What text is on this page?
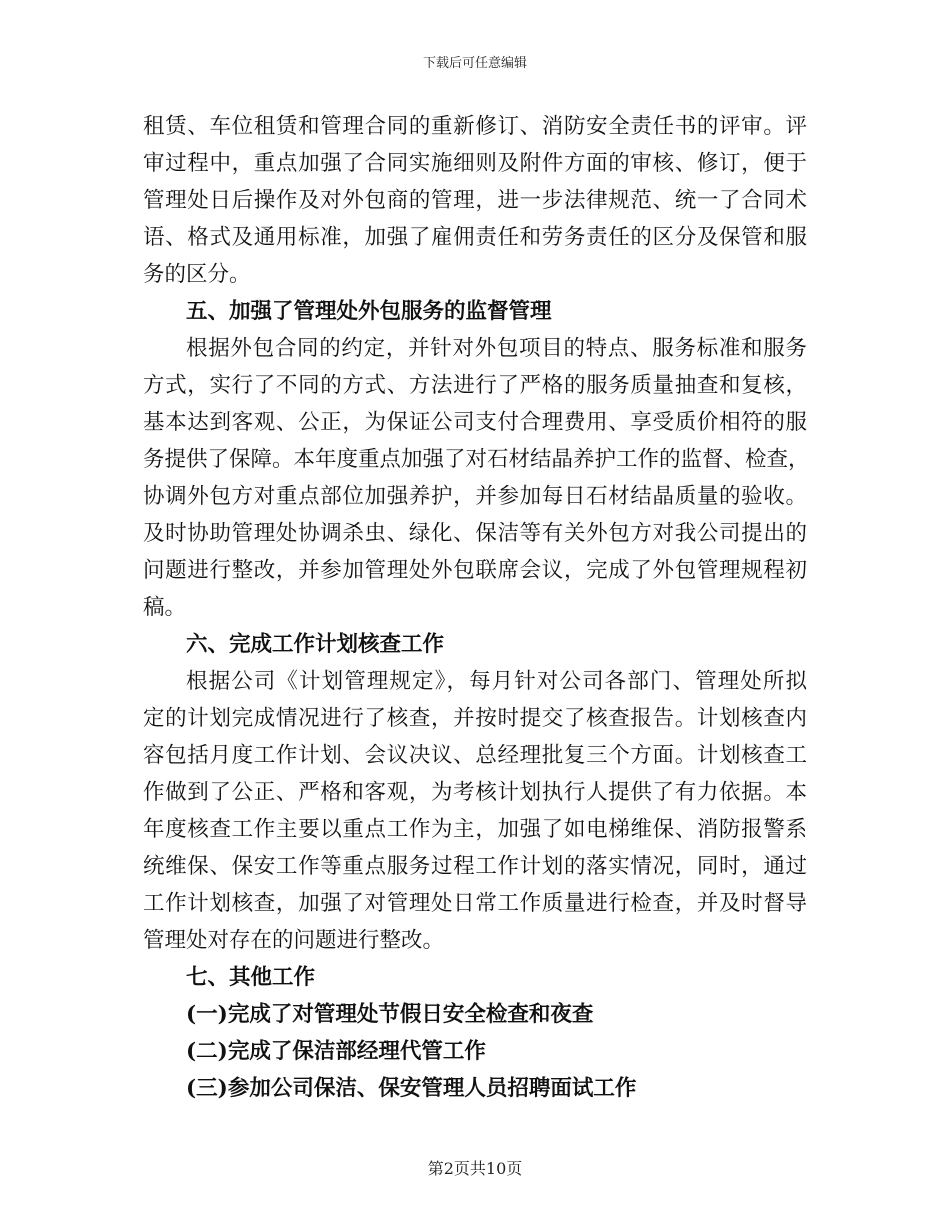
下载后可任意编辑
租赁、车位租赁和管理合同的重新修订、消防安全责任书的评审。评
审过程中，重点加强了合同实施细则及附件方面的审核、修订，便于
管理处日后操作及对外包商的管理，进一步法律规范、统一了合同术
语、格式及通用标准，加强了雇佣责任和劳务责任的区分及保管和服
务的区分。
五、加强了管理处外包服务的监督管理
根据外包合同的约定，并针对外包项目的特点、服务标准和服务
方式，实行了不同的方式、方法进行了严格的服务质量抽查和复核，
基本达到客观、公正，为保证公司支付合理费用、享受质价相符的服
务提供了保障。本年度重点加强了对石材结晶养护工作的监督、检查，
协调外包方对重点部位加强养护，并参加每日石材结晶质量的验收。
及时协助管理处协调杀虫、绿化、保洁等有关外包方对我公司提出的
问题进行整改，并参加管理处外包联席会议，完成了外包管理规程初
稿。
六、完成工作计划核查工作
根据公司《计划管理规定》，每月针对公司各部门、管理处所拟
定的计划完成情况进行了核查，并按时提交了核查报告。计划核查内
容包括月度工作计划、会议决议、总经理批复三个方面。计划核查工
作做到了公正、严格和客观，为考核计划执行人提供了有力依据。本
年度核查工作主要以重点工作为主，加强了如电梯维保、消防报警系
统维保、保安工作等重点服务过程工作计划的落实情况，同时，通过
工作计划核查，加强了对管理处日常工作质量进行检查，并及时督导
管理处对存在的问题进行整改。
七、其他工作
(一)完成了对管理处节假日安全检查和夜查
(二)完成了保洁部经理代管工作
(三)参加公司保洁、保安管理人员招聘面试工作
第2页共10页
